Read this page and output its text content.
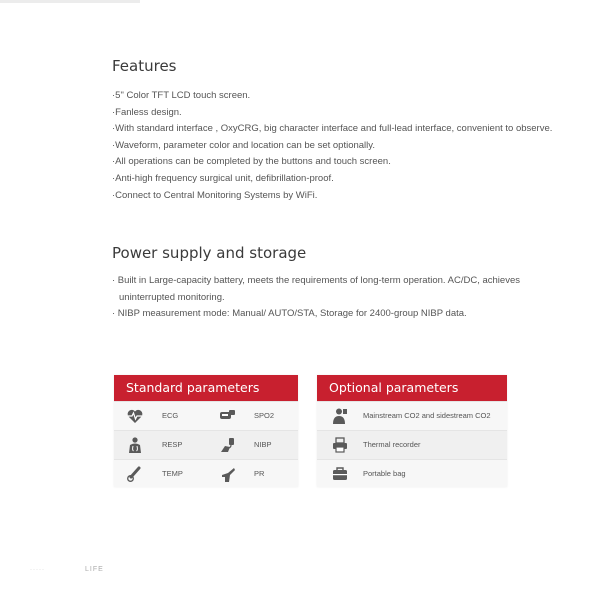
Features
·5" Color TFT LCD touch screen.
·Fanless design.
·With standard interface , OxyCRG, big character interface and full-lead interface, convenient to observe.
·Waveform, parameter color and location can be set optionally.
·All operations can be completed by the buttons and touch screen.
·Anti-high frequency surgical unit, defibrillation-proof.
·Connect to Central Monitoring Systems by WiFi.
Power supply and storage
· Built in Large-capacity battery, meets the requirements of long-term operation. AC/DC, achieves
uninterrupted monitoring.
· NIBP measurement mode: Manual/ AUTO/STA, Storage for 2400-group NIBP data.
Standard parameters
ECG	SPO2
RESP	NIBP
TEMP	PR
Optional parameters
Mainstream CO2 and sidestream CO2
Thermal recorder
Portable bag
·····	LIFE
